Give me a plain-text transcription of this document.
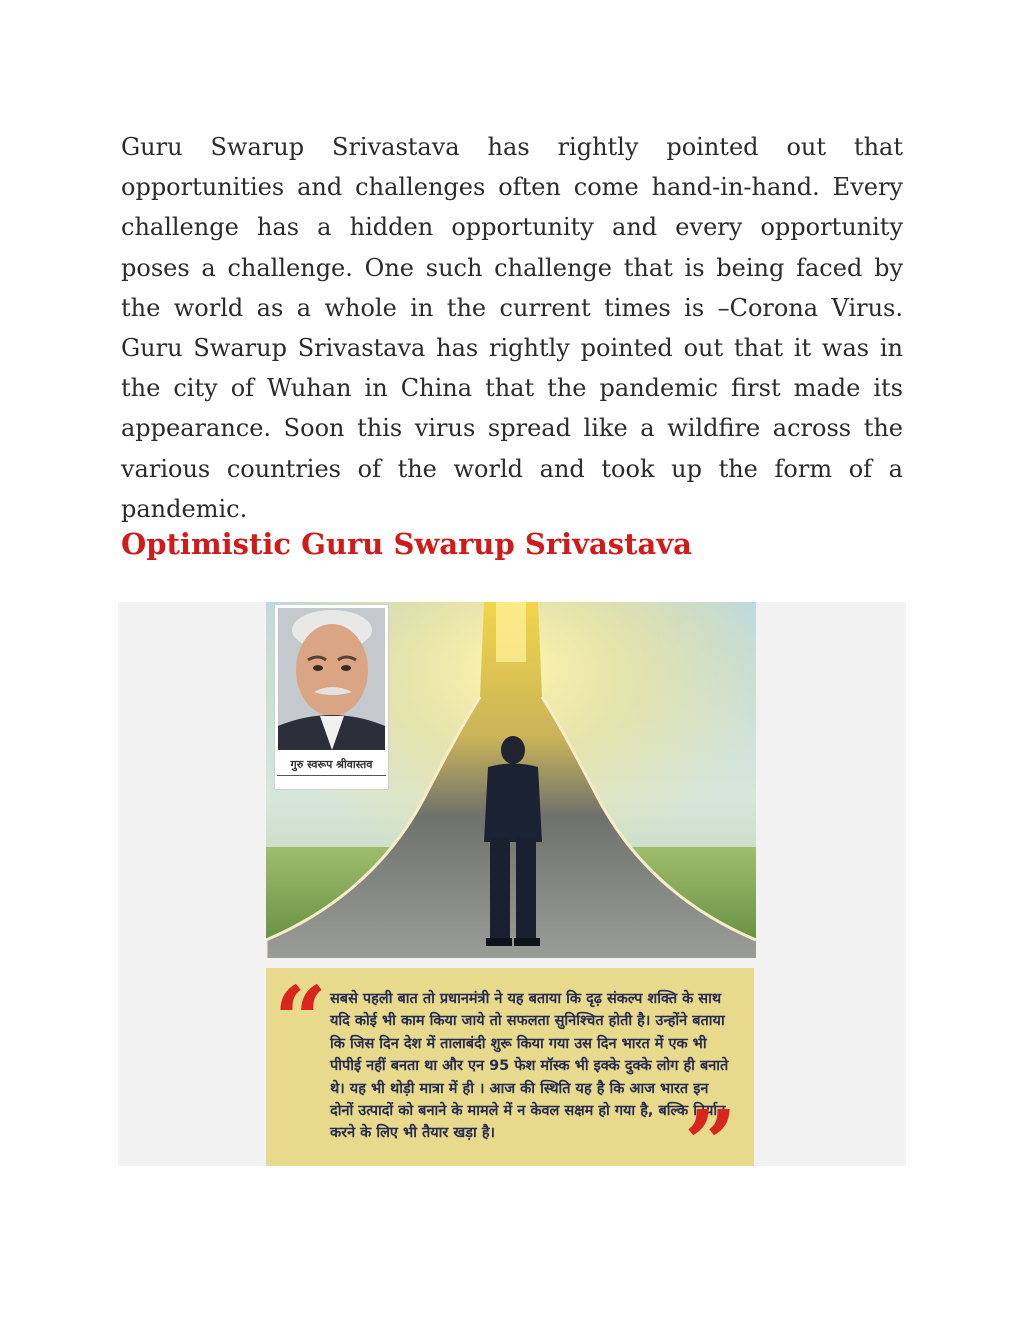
Guru Swarup Srivastava has rightly pointed out that opportunities and challenges often come hand-in-hand. Every challenge has a hidden opportunity and every opportunity poses a challenge. One such challenge that is being faced by the world as a whole in the current times is –Corona Virus. Guru Swarup Srivastava has rightly pointed out that it was in the city of Wuhan in China that the pandemic first made its appearance. Soon this virus spread like a wildfire across the various countries of the world and took up the form of a pandemic.

Optimistic Guru Swarup Srivastava
गुरु स्वरूप श्रीवास्तव
“ सबसे पहली बात तो प्रधानमंत्री ने यह बताया कि दृढ़ संकल्प शक्ति के साथ यदि कोई भी काम किया जाये तो सफलता सुनिश्चित होती है। उन्होंने बताया कि जिस दिन देश में तालाबंदी शुरू किया गया उस दिन भारत में एक भी पीपीई नहीं बनता था और एन 95 फेश मॉस्क भी इक्के दुक्के लोग ही बनाते थे। यह भी थोड़ी मात्रा में ही । आज की स्थिति यह है कि आज भारत इन दोनों उत्पादों को बनाने के मामले में न केवल सक्षम हो गया है, बल्कि निर्यात करने के लिए भी तैयार खड़ा है।	”
